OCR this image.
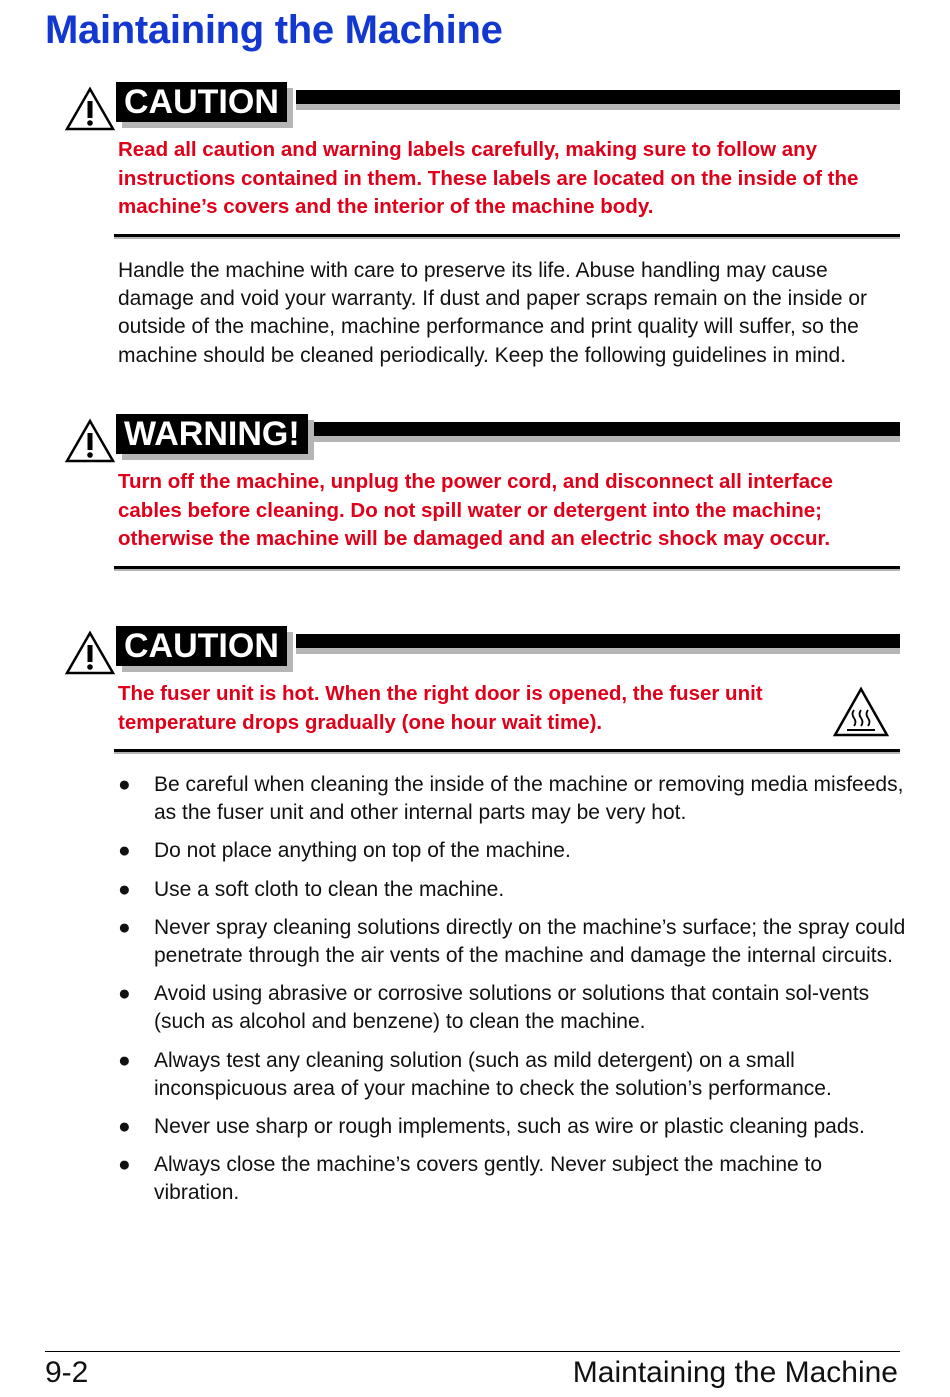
Maintaining the Machine
CAUTION
Read all caution and warning labels carefully, making sure to follow any instructions contained in them. These labels are located on the inside of the machine’s covers and the interior of the machine body.

Handle the machine with care to preserve its life. Abuse handling may cause damage and void your warranty. If dust and paper scraps remain on the inside or outside of the machine, machine performance and print quality will suffer, so the machine should be cleaned periodically. Keep the following guidelines in mind.

WARNING!
Turn off the machine, unplug the power cord, and disconnect all interface cables before cleaning. Do not spill water or detergent into the machine; otherwise the machine will be damaged and an electric shock may occur.
CAUTION
The fuser unit is hot. When the right door is opened, the fuser unit temperature drops gradually (one hour wait time).
● Be careful when cleaning the inside of the machine or removing media misfeeds, as the fuser unit and other internal parts may be very hot.
● Do not place anything on top of the machine.
● Use a soft cloth to clean the machine.
● Never spray cleaning solutions directly on the machine’s surface; the spray could penetrate through the air vents of the machine and damage the internal circuits.
● Avoid using abrasive or corrosive solutions or solutions that contain sol-vents (such as alcohol and benzene) to clean the machine.
● Always test any cleaning solution (such as mild detergent) on a small inconspicuous area of your machine to check the solution’s performance.
● Never use sharp or rough implements, such as wire or plastic cleaning pads.
● Always close the machine’s covers gently. Never subject the machine to vibration.
9-2	Maintaining the Machine
